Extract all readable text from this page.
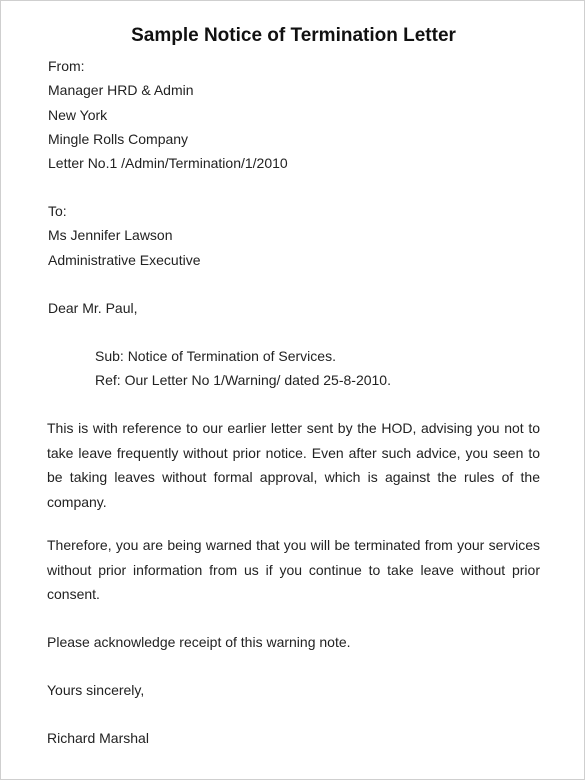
Sample Notice of Termination Letter
From:
Manager HRD & Admin
New York
Mingle Rolls Company
Letter No.1 /Admin/Termination/1/2010
To:
Ms Jennifer Lawson
Administrative Executive
Dear Mr. Paul,
Sub: Notice of Termination of Services.
Ref: Our Letter No 1/Warning/ dated 25-8-2010.

This is with reference to our earlier letter sent by the HOD, advising you not to take leave frequently without prior notice. Even after such advice, you seen to be taking leaves without formal approval, which is against the rules of the company.

Therefore, you are being warned that you will be terminated from your services without prior information from us if you continue to take leave without prior consent.

Please acknowledge receipt of this warning note.

Yours sincerely,
Richard Marshal
